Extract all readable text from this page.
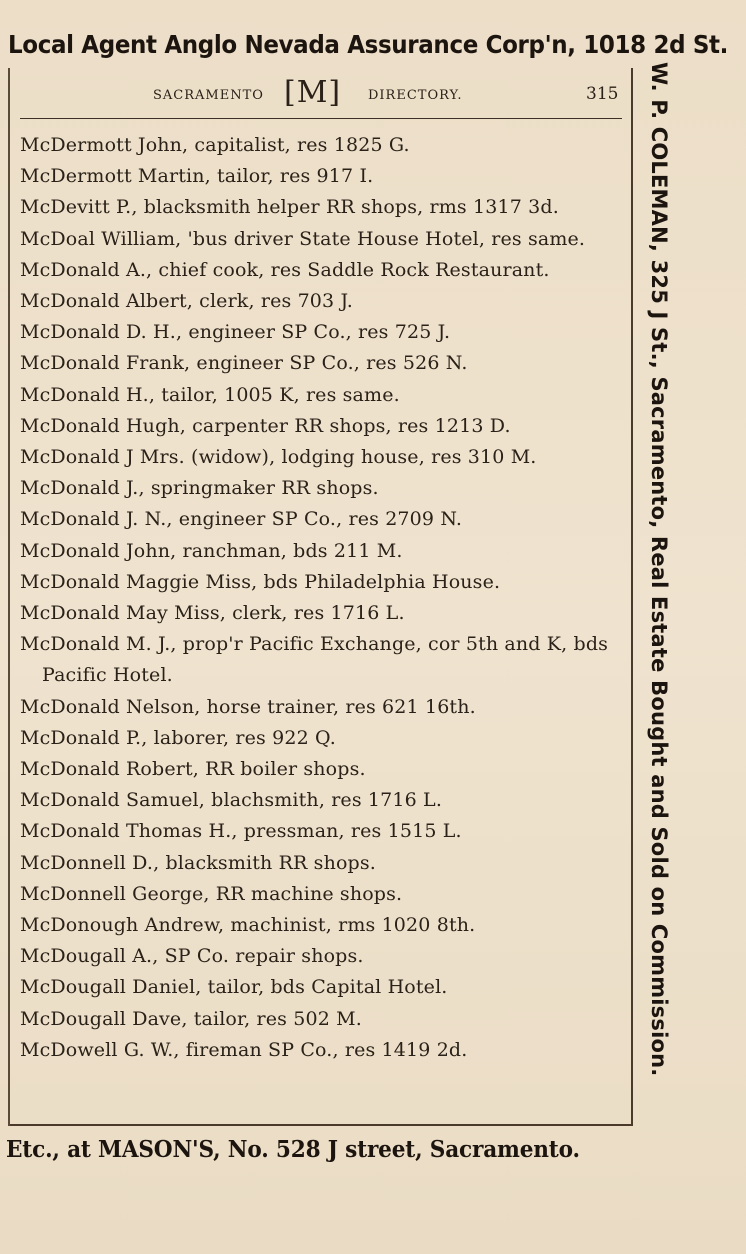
Local Agent Anglo Nevada Assurance Corp'n, 1018 2d St.
SACRAMENTO [M] DIRECTORY.	315
McDermott John, capitalist, res 1825 G.
McDermott Martin, tailor, res 917 I.
McDevitt P., blacksmith helper RR shops, rms 1317 3d.
McDoal William, 'bus driver State House Hotel, res same.
McDonald A., chief cook, res Saddle Rock Restaurant.
McDonald Albert, clerk, res 703 J.
McDonald D. H., engineer SP Co., res 725 J.
McDonald Frank, engineer SP Co., res 526 N.
McDonald H., tailor, 1005 K, res same.
McDonald Hugh, carpenter RR shops, res 1213 D.
McDonald J Mrs. (widow), lodging house, res 310 M.
McDonald J., springmaker RR shops.
McDonald J. N., engineer SP Co., res 2709 N.
McDonald John, ranchman, bds 211 M.
McDonald Maggie Miss, bds Philadelphia House.
McDonald May Miss, clerk, res 1716 L.
McDonald M. J., prop'r Pacific Exchange, cor 5th and K, bds Pacific Hotel.
McDonald Nelson, horse trainer, res 621 16th.
McDonald P., laborer, res 922 Q.
McDonald Robert, RR boiler shops.
McDonald Samuel, blachsmith, res 1716 L.
McDonald Thomas H., pressman, res 1515 L.
McDonnell D., blacksmith RR shops.
McDonnell George, RR machine shops.
McDonough Andrew, machinist, rms 1020 8th.
McDougall A., SP Co. repair shops.
McDougall Daniel, tailor, bds Capital Hotel.
McDougall Dave, tailor, res 502 M.
McDowell G. W., fireman SP Co., res 1419 2d.	W. P. COLEMAN, 325 J St., Sacramento, Real Estate Bought and Sold on Commission.
Etc., at MASON'S, No. 528 J street, Sacramento.
